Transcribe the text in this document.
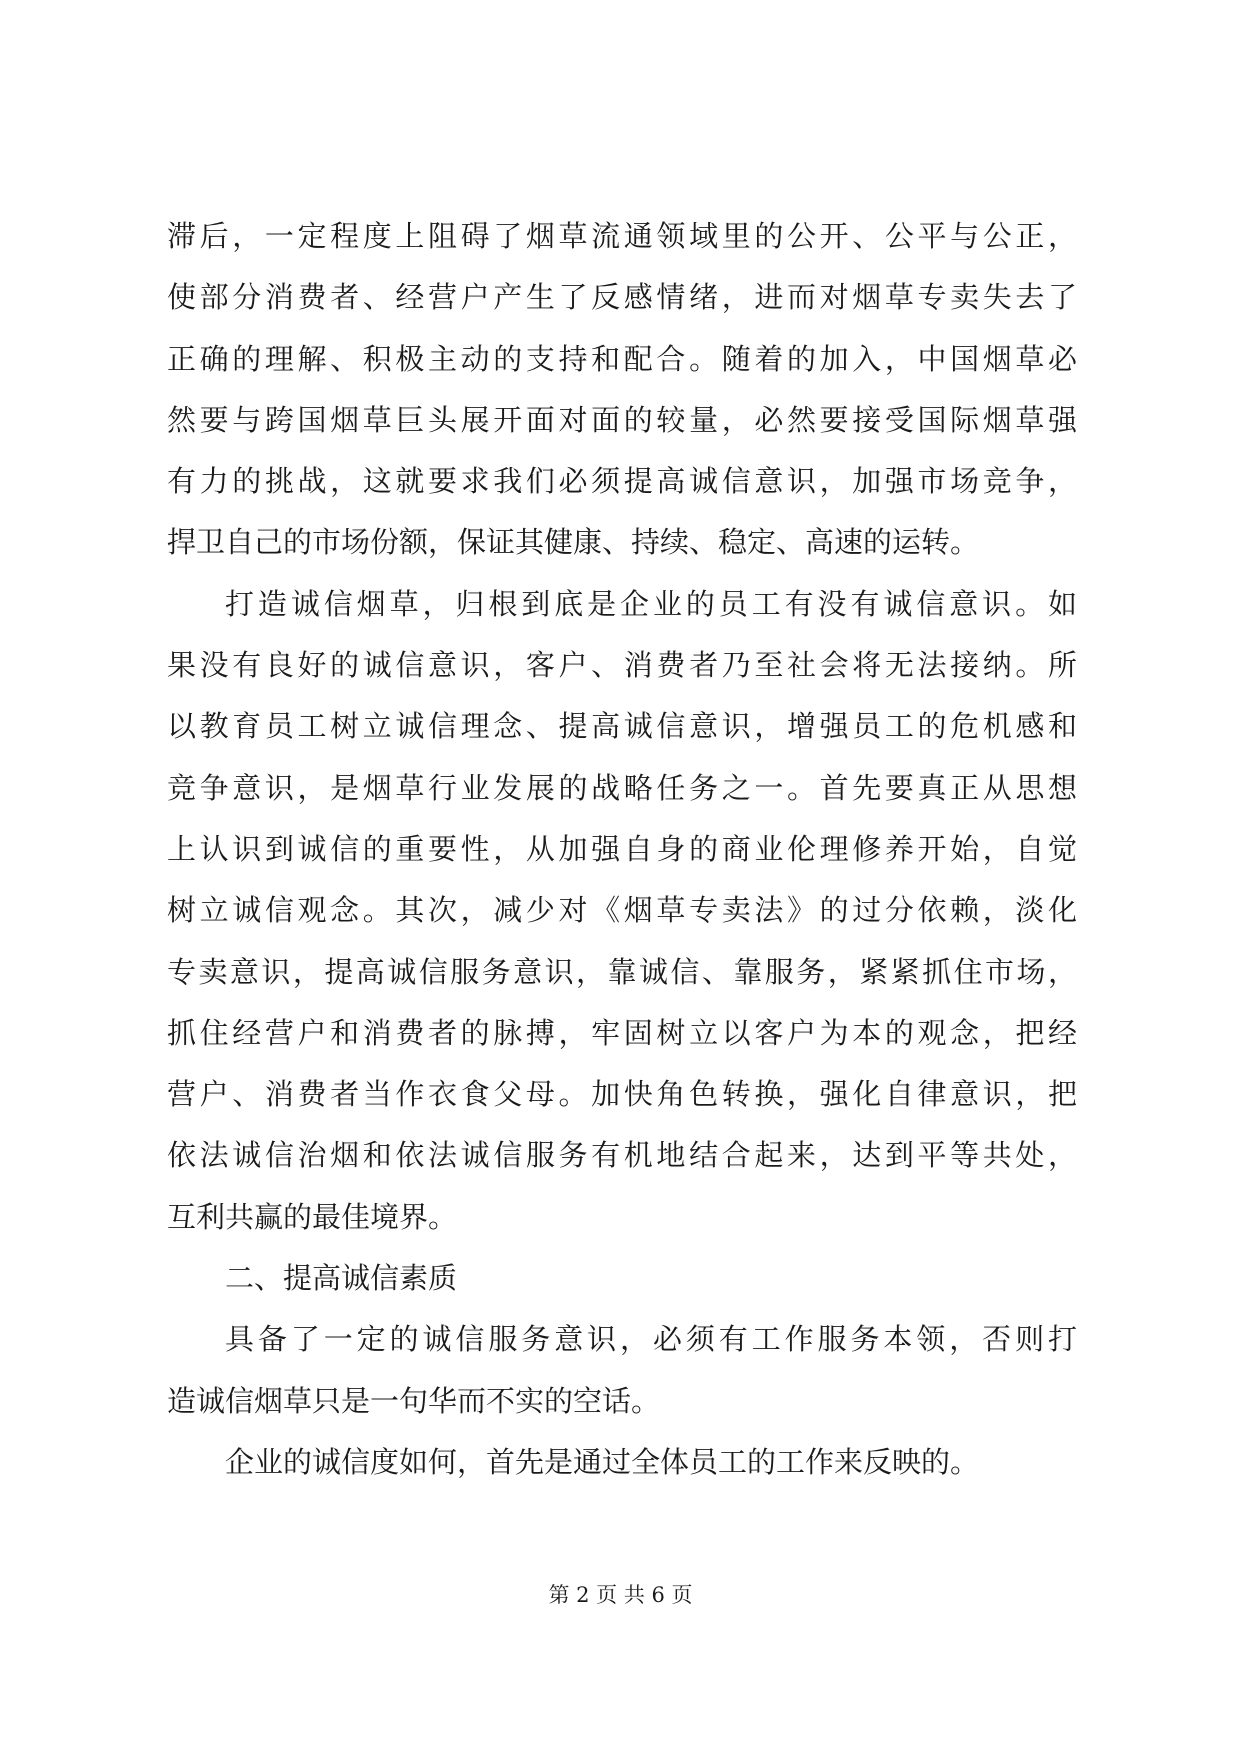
滞后，一定程度上阻碍了烟草流通领域里的公开、公平与公正，
使部分消费者、经营户产生了反感情绪，进而对烟草专卖失去了
正确的理解、积极主动的支持和配合。随着的加入，中国烟草必
然要与跨国烟草巨头展开面对面的较量，必然要接受国际烟草强
有力的挑战，这就要求我们必须提高诚信意识，加强市场竞争，
捍卫自己的市场份额，保证其健康、持续、稳定、高速的运转。
打造诚信烟草，归根到底是企业的员工有没有诚信意识。如
果没有良好的诚信意识，客户、消费者乃至社会将无法接纳。所
以教育员工树立诚信理念、提高诚信意识，增强员工的危机感和
竞争意识，是烟草行业发展的战略任务之一。首先要真正从思想
上认识到诚信的重要性，从加强自身的商业伦理修养开始，自觉
树立诚信观念。其次，减少对《烟草专卖法》的过分依赖，淡化
专卖意识，提高诚信服务意识，靠诚信、靠服务，紧紧抓住市场，
抓住经营户和消费者的脉搏，牢固树立以客户为本的观念，把经
营户、消费者当作衣食父母。加快角色转换，强化自律意识，把
依法诚信治烟和依法诚信服务有机地结合起来，达到平等共处，
互利共赢的最佳境界。
二、提高诚信素质
具备了一定的诚信服务意识，必须有工作服务本领，否则打
造诚信烟草只是一句华而不实的空话。
企业的诚信度如何，首先是通过全体员工的工作来反映的。
第 2 页 共 6 页
